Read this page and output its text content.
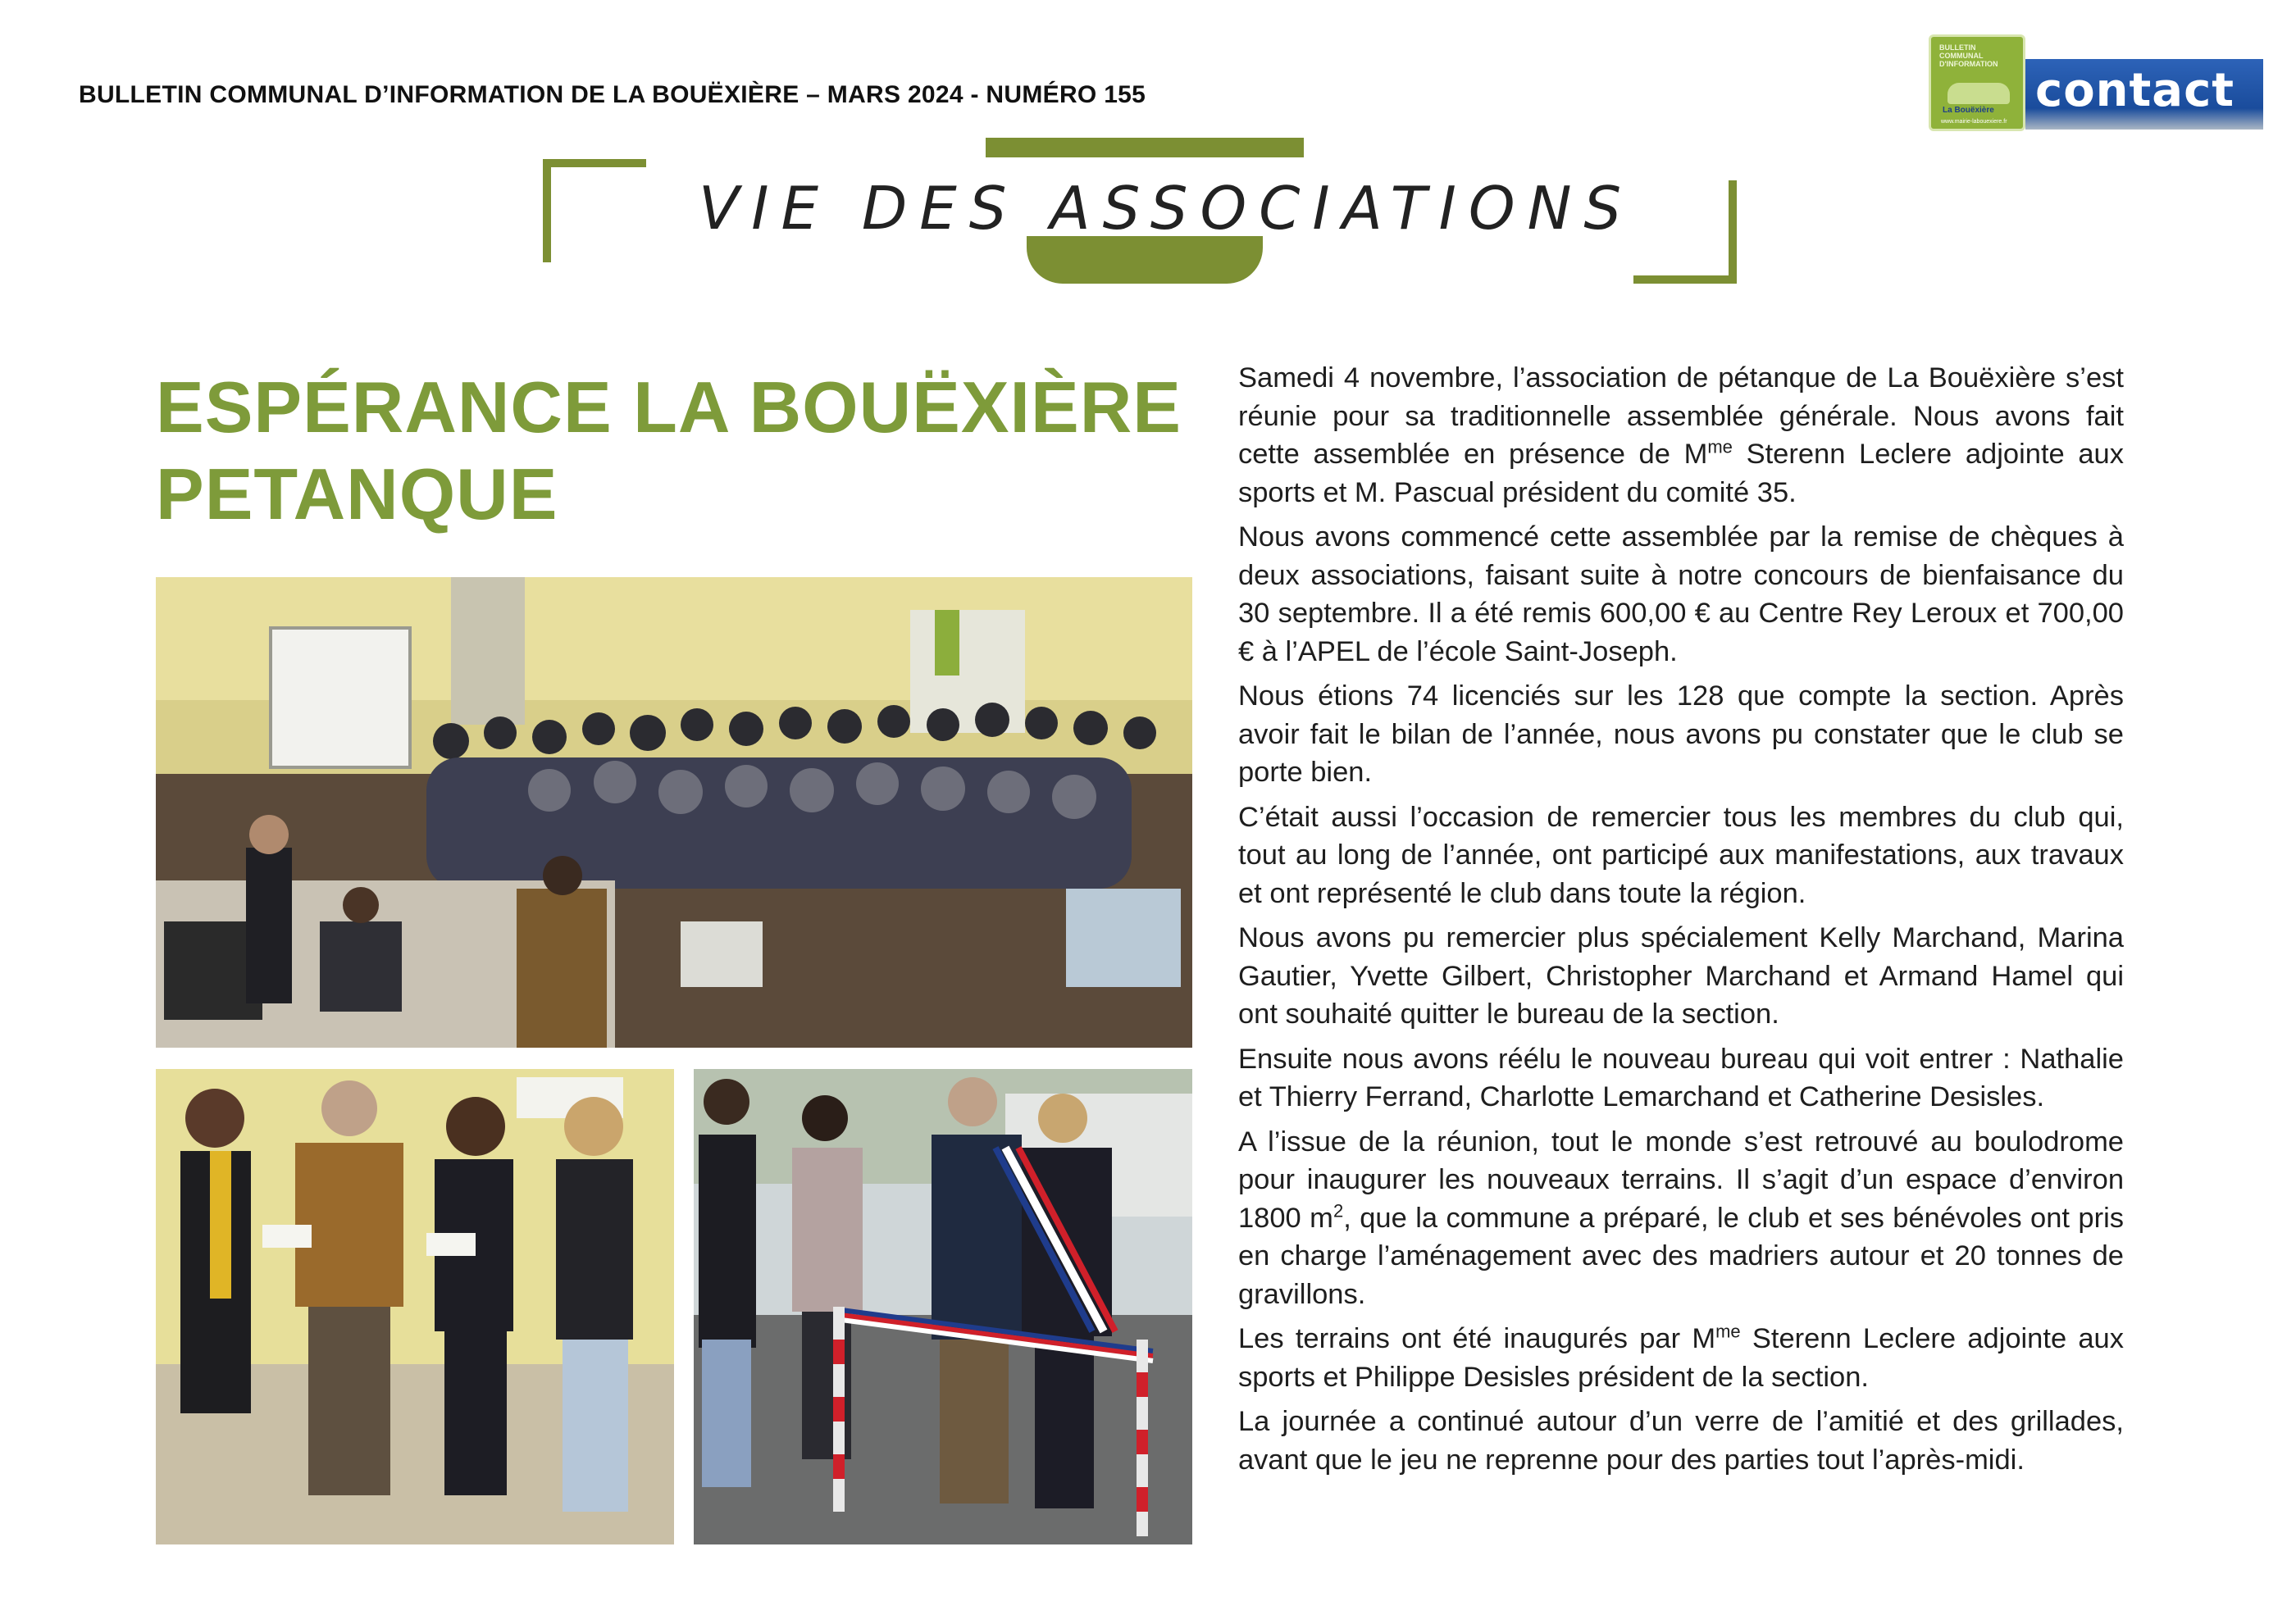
BULLETIN COMMUNAL D’INFORMATION DE LA BOUËXIÈRE – MARS 2024 - NUMÉRO 155
BULLETIN COMMUNAL D'INFORMATION
La Bouëxière
www.mairie-labouexiere.fr
contact
VIE DES ASSOCIATIONS
ESPÉRANCE LA BOUËXIÈRE
PETANQUE

Samedi 4 novembre, l’association de pétanque de La Bouëxière s’est réunie pour sa traditionnelle assemblée générale. Nous avons fait cette assemblée en présence de $M^{me}$ Sterenn Leclere adjointe aux sports et M. Pascual président du comité 35.

Nous avons commencé cette assemblée par la remise de chèques à deux associations, faisant suite à notre concours de bienfaisance du 30 septembre. Il a été remis 600,00 € au Centre Rey Leroux et 700,00 € à l’APEL de l’école Saint-Joseph.

Nous étions 74 licenciés sur les 128 que compte la section. Après avoir fait le bilan de l’année, nous avons pu constater que le club se porte bien.

C’était aussi l’occasion de remercier tous les membres du club qui, tout au long de l’année, ont participé aux manifestations, aux travaux et ont représenté le club dans toute la région.

Nous avons pu remercier plus spécialement Kelly Marchand, Marina Gautier, Yvette Gilbert, Christopher Marchand et Armand Hamel qui ont souhaité quitter le bureau de la section.

Ensuite nous avons réélu le nouveau bureau qui voit entrer : Nathalie et Thierry Ferrand, Charlotte Lemarchand et Catherine Desisles.

A l’issue de la réunion, tout le monde s’est retrouvé au boulodrome pour inaugurer les nouveaux terrains. Il s’agit d’un espace d’environ 1800 $m^2$, que la commune a préparé, le club et ses bénévoles ont pris en charge l’aménagement avec des madriers autour et 20 tonnes de gravillons.

Les terrains ont été inaugurés par $M^{me}$ Sterenn Leclere adjointe aux sports et Philippe Desisles président de la section.

La journée a continué autour d’un verre de l’amitié et des grillades, avant que le jeu ne reprenne pour des parties tout l’après-midi.
